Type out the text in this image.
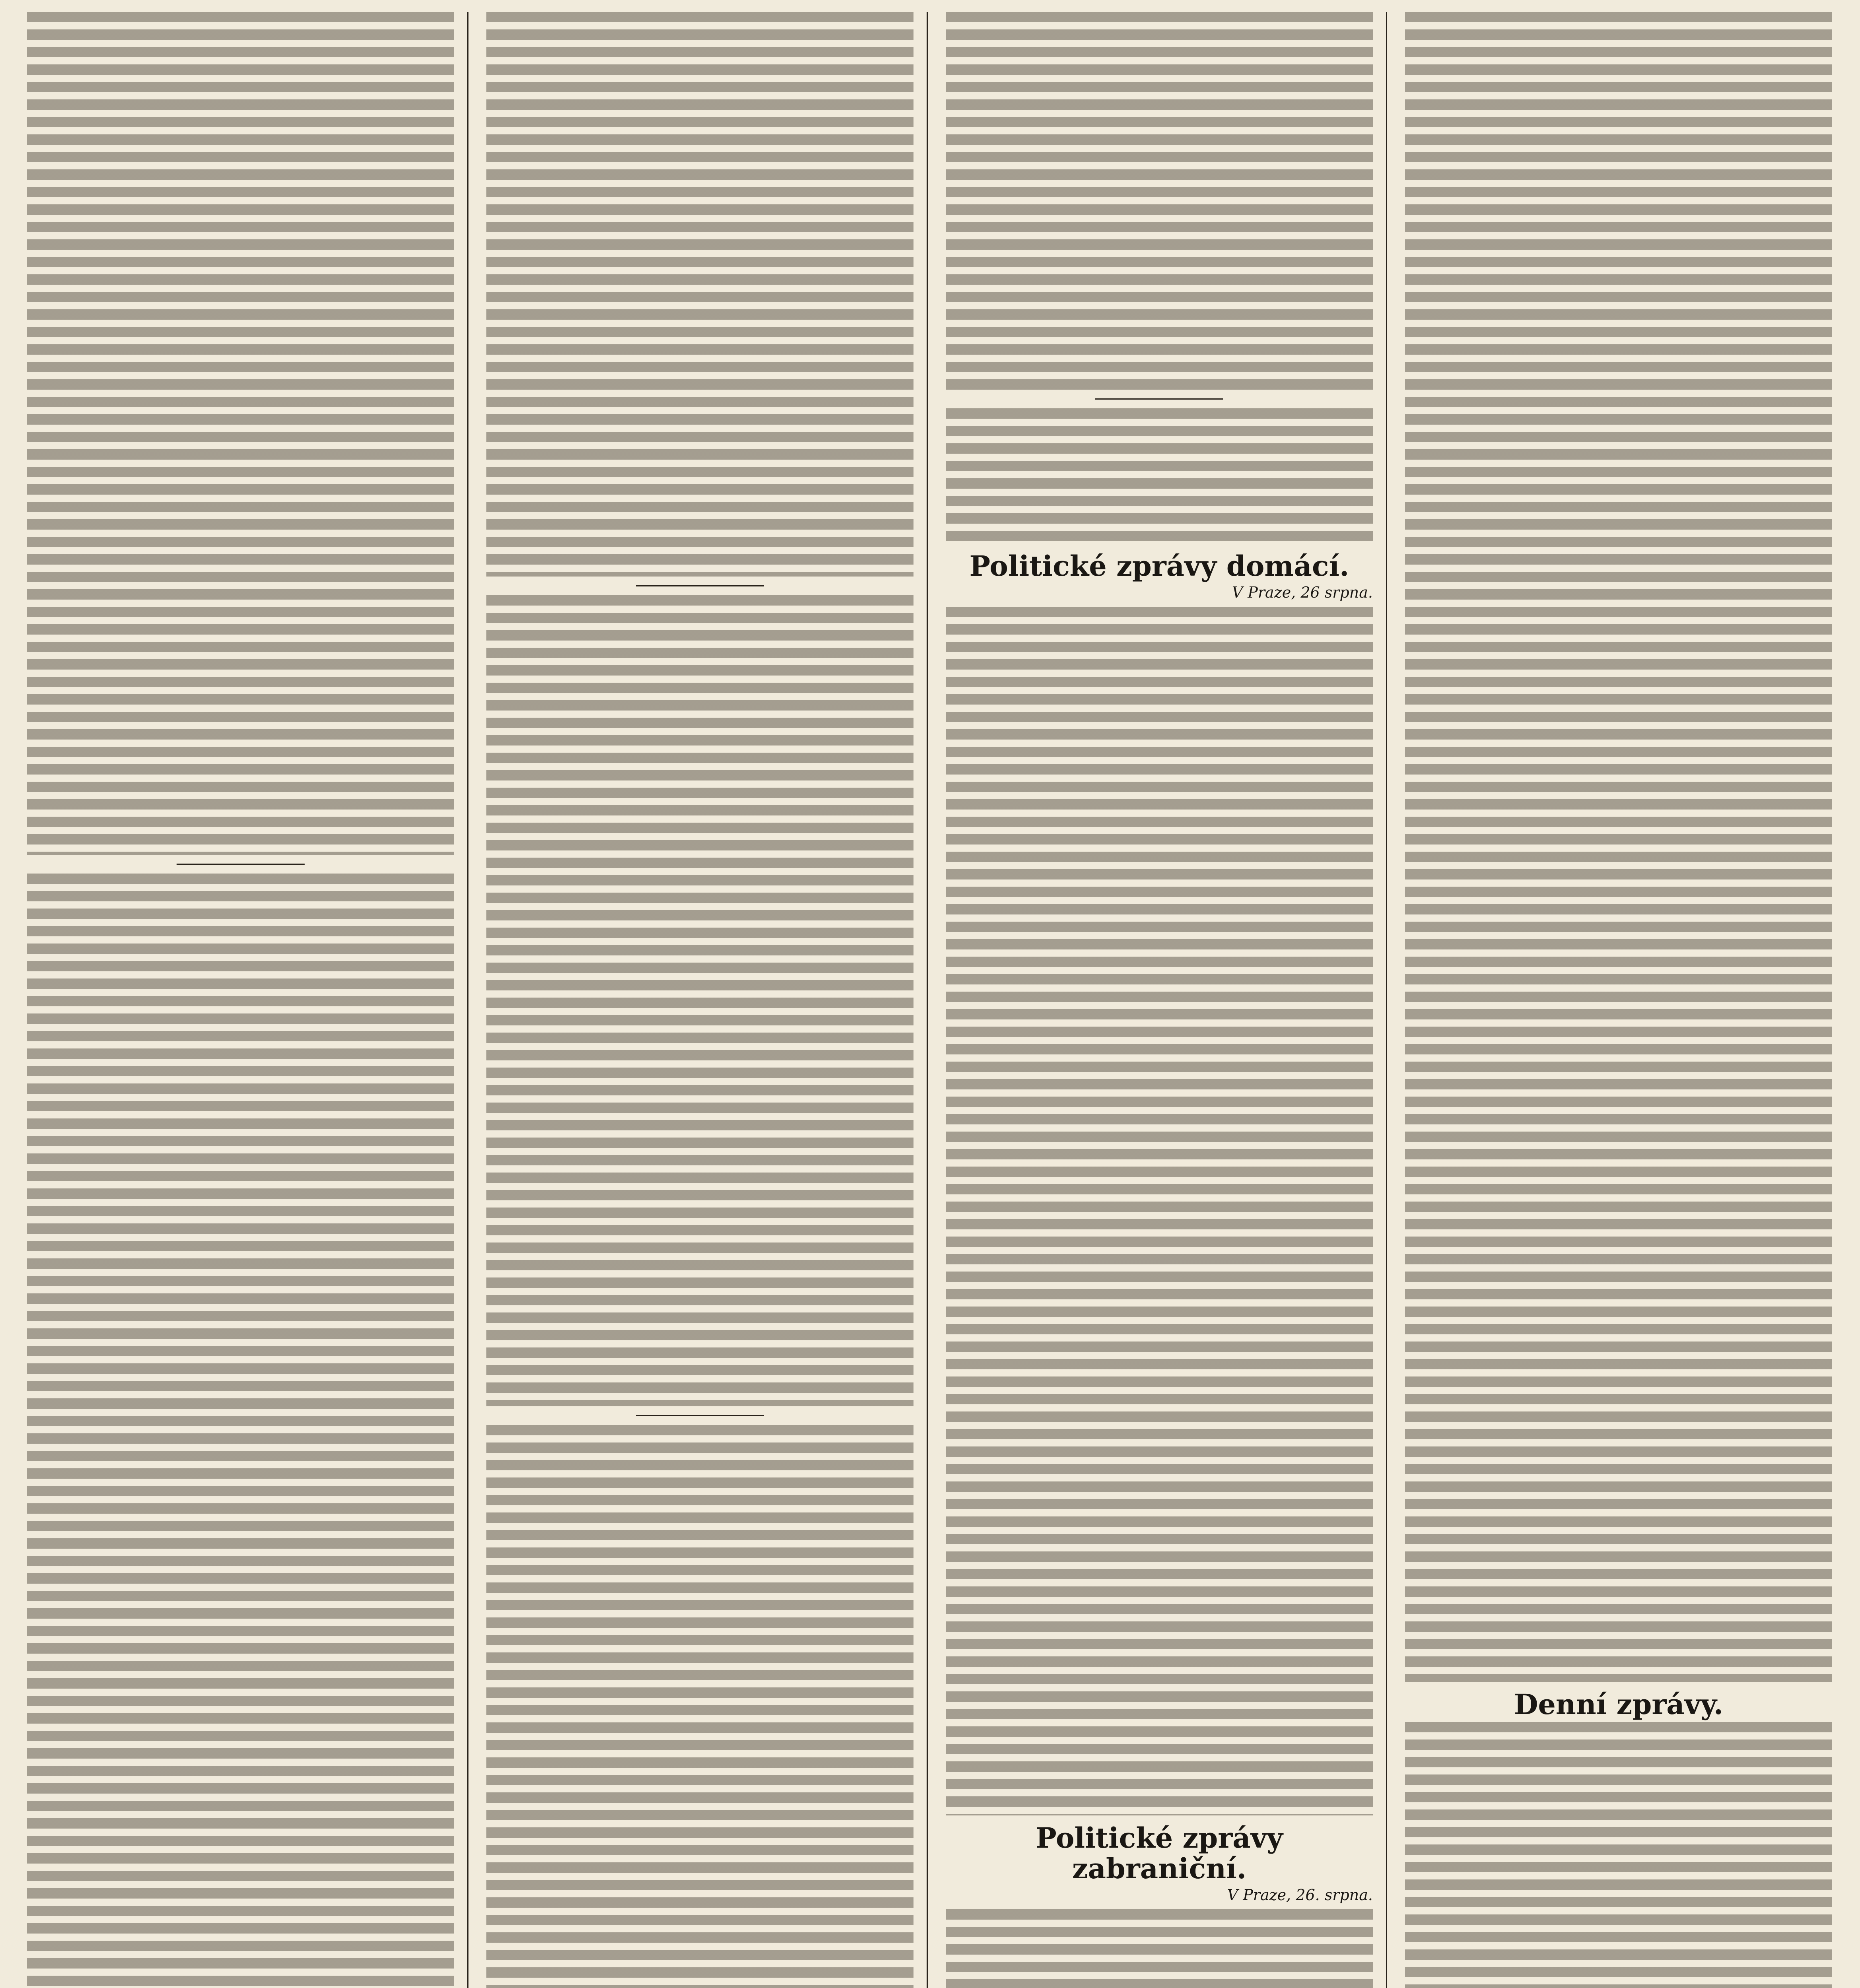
Politické zprávy domácí.
V Praze, 26 srpna.
Politické zprávy zabraniční.
V Praze, 26. srpna.
Denní zprávy.
